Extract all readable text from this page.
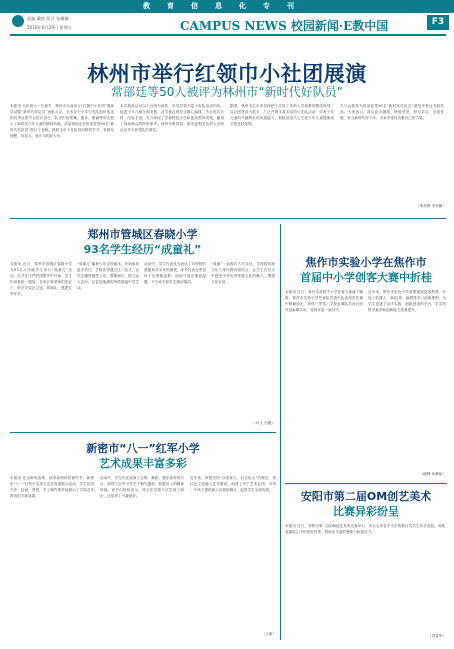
教育信息化专刊
责编 戴悦 版式 张璐薇
2018年6月29日 星期五	CAMPUS NEWS 校园新闻·E教中国	F3
林州市举行红领巾小社团展演
常部廷等50人被评为林州市“新时代好队员”
本报讯 为庆祝六一儿童节，林州市日前举行“红领巾小社团”展演活动暨“新时代好队员”表彰大会。全市各中小学少先队组织选送的优秀社团节目依次登台，队员们用歌舞、器乐、朗诵等形式展示了新时代少年儿童的精神风貌。活动现场还对常部廷等50名“新时代好队员”进行了表彰，鼓励全市少先队员向榜样学习，争做有理想、有担当、有作为的好少年。
本次展演活动以小社团为载体，引导学校丰富少先队活动内容，促进少年儿童全面发展。各学校社团经过精心编排，节目形式多样、内容丰富，充分体现了学校特色办学和素质教育成果，赢得了现场观众的阵阵掌声。林州市教育局、团市委相关负责人出席活动并为获奖队员颁奖。
据悉，林州市近年来坚持把少先队工作纳入学校教育整体规划，以社团建设为抓手，广泛开展丰富多彩的少先队活动，培养少年儿童的兴趣特长和实践能力，积极营造关心关爱少年儿童健康成长的良好氛围。
左与会领导为常部廷等50名“新时代好队员”颁发荣誉证书和奖品。大家表示，将以此为激励，珍惜荣誉，努力学习，全面发展，争当新时代好少年，为家乡建设贡献自己的力量。
（李亮辉 李丹娜）
郑州市管城区春晓小学
93名学生经历“成童礼”
本报讯 近日，郑州市管城区春晓小学为93名六年级学生举行“成童礼”活动。仪式在庄严的国歌声中开始，学生们身着统一服装，在家长和老师的见证下，依次完成正衣冠、拜师礼、感恩礼等环节。
“成童礼”寓意少年告别童年，开始承担更多责任。学校希望通过这一仪式，让学生懂得感恩父母、尊敬师长，树立远大志向，以更加饱满的热情迎接中学生活。
活动中，学生代表发言表达了对母校的感激和对未来的憧憬，家长代表也寄语孩子们勇敢追梦。现场气氛庄重而温馨，不少家长和学生感动落泪。
“成童”一词源自古代礼仪，学校将传统文化与现代教育相结合，让学生在仪式中感受中华优秀传统文化的魅力，增强文化自信。
（叶文 白鹿）
焦作市实验小学在焦作市
首届中小学创客大赛中折桂
本报讯 近日，焦作市首届中小学创客大赛落下帷幕，焦作市实验小学代表队凭借出色表现在比赛中脱颖而出，获得一等奖。学校参赛队员设计的作品新颖实用，受到评委一致好评。
近年来，焦作市实验小学高度重视创客教育，开设了机器人、3D打印、编程等多门创客课程，为学生搭建了动手实践、创新创造的平台，学生的科学素养和创新能力显著提升。
（谢锋 孙静茹）
新密市“八一”红军小学
艺术成果丰富多彩
本报讯 在这种有色喷、绿草如茵的初夏时节，新密市“八一”红军小学举办艺术成果展示活动，学生们用书法、绘画、剪纸、手工制作等作品展示了学校艺术教育的丰硕成果。
活动中，学生们还表演了合唱、舞蹈、器乐演奏等节目，展现了红军小学学子朝气蓬勃、积极向上的精神风貌。家长们纷纷表示，孩子在学校不仅学到了知识，还培养了兴趣爱好。
近年来，该校坚持“以美育人、以文化人”的理念，将红色文化融入艺术教育，组建了多个艺术社团，为每一个孩子提供展示自我的舞台，促进学生全面发展。
（王丽）
安阳市第二届OM创艺美术
比赛异彩纷呈
本报讯 近日，安阳市第二届OM创艺美术比赛举行，来自全市各中小学的数百名学生同台竞技，用画笔描绘心中的美好世界，展现出丰富的想象力和创造力。
（刘春华）
